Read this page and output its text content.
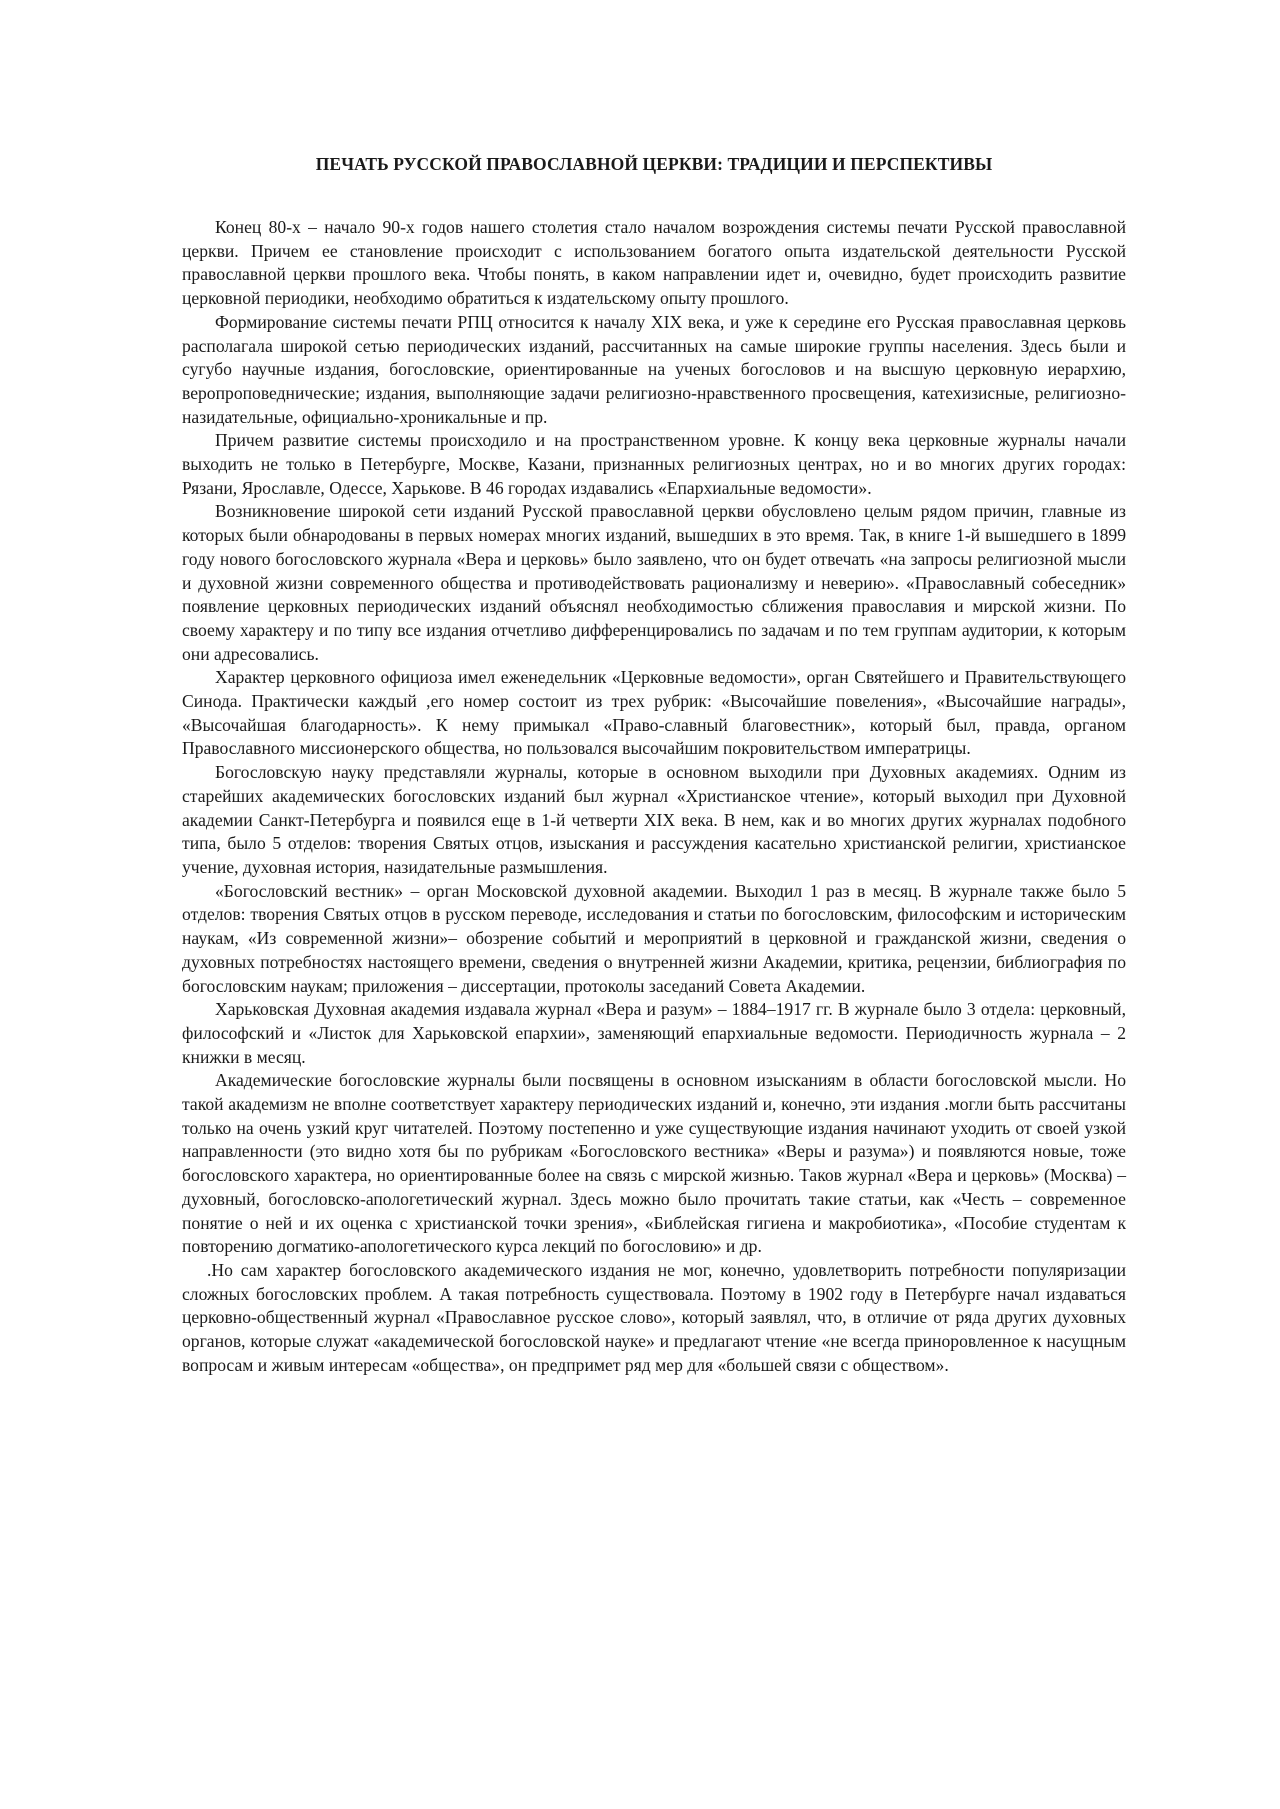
ПЕЧАТЬ РУССКОЙ ПРАВОСЛАВНОЙ ЦЕРКВИ: ТРАДИЦИИ И ПЕРСПЕКТИВЫ

Конец 80-х – начало 90-х годов нашего столетия стало началом возрождения системы печати Русской православной церкви. Причем ее становление происходит с использованием богатого опыта издательской деятельности Русской православной церкви прошлого века. Чтобы понять, в каком направлении идет и, очевидно, будет происходить развитие церковной периодики, необходимо обратиться к издательскому опыту прошлого.

Формирование системы печати РПЦ относится к началу XIX века, и уже к середине его Русская православная церковь располагала широкой сетью периодических изданий, рассчитанных на самые широкие группы населения. Здесь были и сугубо научные издания, богословские, ориентированные на ученых богословов и на высшую церковную иерархию, веропроповеднические; издания, выполняющие задачи религиозно-нравственного просвещения, катехизисные, религиозно-назидательные, официально-хроникальные и пр.

Причем развитие системы происходило и на пространственном уровне. К концу века церковные журналы начали выходить не только в Петербурге, Москве, Казани, признанных религиозных центрах, но и во многих других городах: Рязани, Ярославле, Одессе, Харькове. В 46 городах издавались «Епархиальные ведомости».

Возникновение широкой сети изданий Русской православной церкви обусловлено целым рядом причин, главные из которых были обнародованы в первых номерах многих изданий, вышедших в это время. Так, в книге 1-й вышедшего в 1899 году нового богословского журнала «Вера и церковь» было заявлено, что он будет отвечать «на запросы религиозной мысли и духовной жизни современного общества и противодействовать рационализму и неверию». «Православный собеседник» появление церковных периодических изданий объяснял необходимостью сближения православия и мирской жизни. По своему характеру и по типу все издания отчетливо дифференцировались по задачам и по тем группам аудитории, к которым они адресовались.

Характер церковного официоза имел еженедельник «Церковные ведомости», орган Святейшего и Правительствующего Синода. Практически каждый ,его номер состоит из трех рубрик: «Высочайшие повеления», «Высочайшие награды», «Высочайшая благодарность». К нему примыкал «Право-славный благовестник», который был, правда, органом Православного миссионерского общества, но пользовался высочайшим покровительством императрицы.

Богословскую науку представляли журналы, которые в основном выходили при Духовных академиях. Одним из старейших академических богословских изданий был журнал «Христианское чтение», который выходил при Духовной академии Санкт-Петербурга и появился еще в 1-й четверти XIX века. В нем, как и во многих других журналах подобного типа, было 5 отделов: творения Святых отцов, изыскания и рассуждения касательно христианской религии, христианское учение, духовная история, назидательные размышления.

«Богословский вестник» – орган Московской духовной академии. Выходил 1 раз в месяц. В журнале также было 5 отделов: творения Святых отцов в русском переводе, исследования и статьи по богословским, философским и историческим наукам, «Из современной жизни»– обозрение событий и мероприятий в церковной и гражданской жизни, сведения о духовных потребностях настоящего времени, сведения о внутренней жизни Академии, критика, рецензии, библиография по богословским наукам; приложения – диссертации, протоколы заседаний Совета Академии.

Харьковская Духовная академия издавала журнал «Вера и разум» – 1884–1917 гг. В журнале было 3 отдела: церковный, философский и «Листок для Харьковской епархии», заменяющий епархиальные ведомости. Периодичность журнала – 2 книжки в месяц.

Академические богословские журналы были посвящены в основном изысканиям в области богословской мысли. Но такой академизм не вполне соответствует характеру периодических изданий и, конечно, эти издания .могли быть рассчитаны только на очень узкий круг читателей. Поэтому постепенно и уже существующие издания начинают уходить от своей узкой направленности (это видно хотя бы по рубрикам «Богословского вестника» «Веры и разума») и появляются новые, тоже богословского характера, но ориентированные более на связь с мирской жизнью. Таков журнал «Вера и церковь» (Москва) – духовный, богословско-апологетический журнал. Здесь можно было прочитать такие статьи, как «Честь – современное понятие о ней и их оценка с христианской точки зрения», «Библейская гигиена и макробиотика», «Пособие студентам к повторению догматико-апологетического курса лекций по богословию» и др.

.Но сам характер богословского академического издания не мог, конечно, удовлетворить потребности популяризации сложных богословских проблем. А такая потребность существовала. Поэтому в 1902 году в Петербурге начал издаваться церковно-общественный журнал «Православное русское слово», который заявлял, что, в отличие от ряда других духовных органов, которые служат «академической богословской науке» и предлагают чтение «не всегда приноровленное к насущным вопросам и живым интересам «общества», он предпримет ряд мер для «большей связи с обществом».
